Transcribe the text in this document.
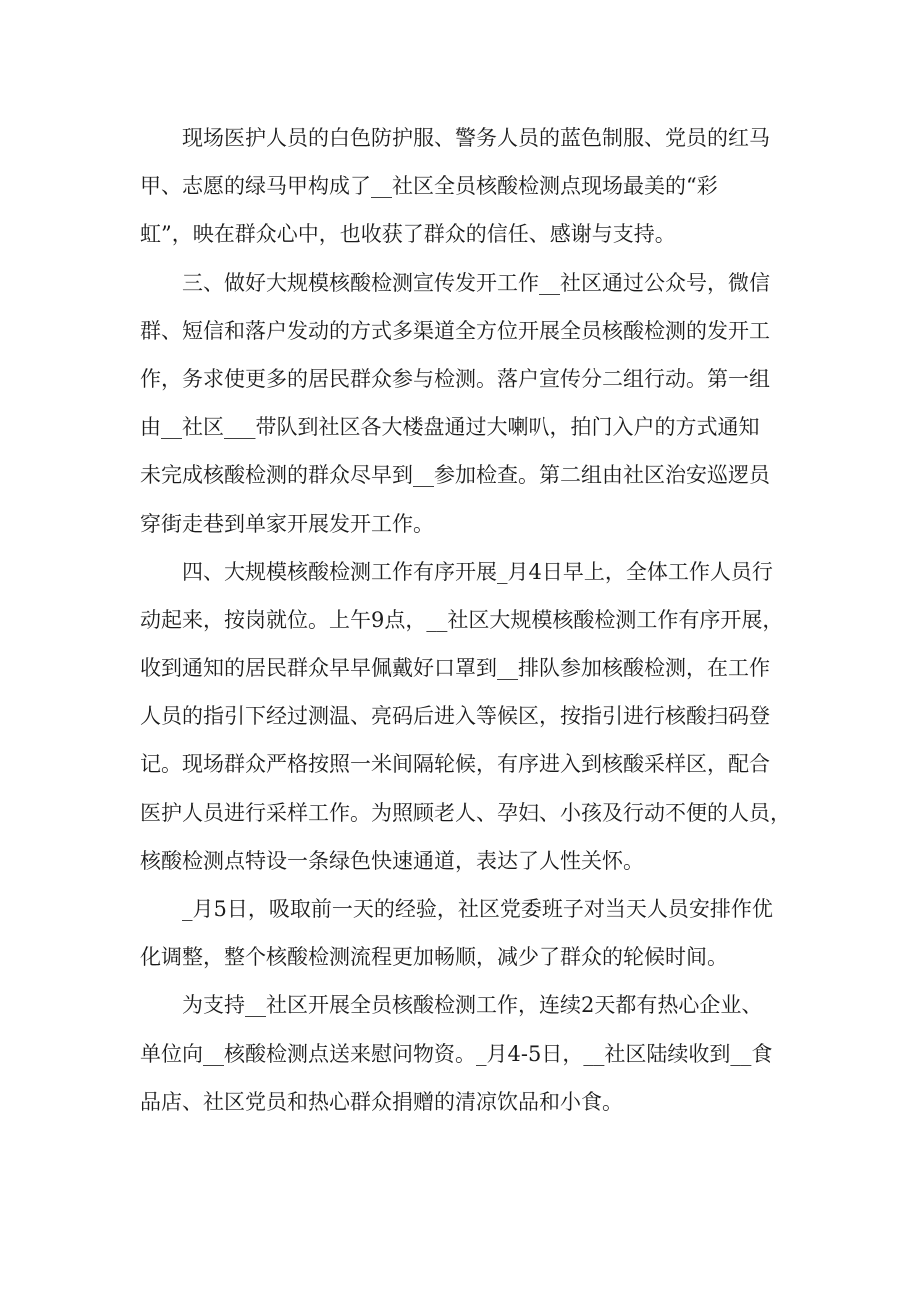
　　现场医护人员的白色防护服、警务人员的蓝色制服、党员的红马
甲、志愿的绿马甲构成了__社区全员核酸检测点现场最美的“彩
虹”，映在群众心中，也收获了群众的信任、感谢与支持。

　　三、做好大规模核酸检测宣传发开工作__社区通过公众号，微信
群、短信和落户发动的方式多渠道全方位开展全员核酸检测的发开工
作，务求使更多的居民群众参与检测。落户宣传分二组行动。第一组
由__社区___带队到社区各大楼盘通过大喇叭，拍门入户的方式通知
未完成核酸检测的群众尽早到__参加检查。第二组由社区治安巡逻员
穿街走巷到单家开展发开工作。

　　四、大规模核酸检测工作有序开展_月4日早上，全体工作人员行
动起来，按岗就位。上午9点，__社区大规模核酸检测工作有序开展，
收到通知的居民群众早早佩戴好口罩到__排队参加核酸检测，在工作
人员的指引下经过测温、亮码后进入等候区，按指引进行核酸扫码登
记。现场群众严格按照一米间隔轮候，有序进入到核酸采样区，配合
医护人员进行采样工作。为照顾老人、孕妇、小孩及行动不便的人员，
核酸检测点特设一条绿色快速通道，表达了人性关怀。

　　_月5日，吸取前一天的经验，社区党委班子对当天人员安排作优
化调整，整个核酸检测流程更加畅顺，减少了群众的轮候时间。

　　为支持__社区开展全员核酸检测工作，连续2天都有热心企业、
单位向__核酸检测点送来慰问物资。_月4-5日，__社区陆续收到__食
品店、社区党员和热心群众捐赠的清凉饮品和小食。
